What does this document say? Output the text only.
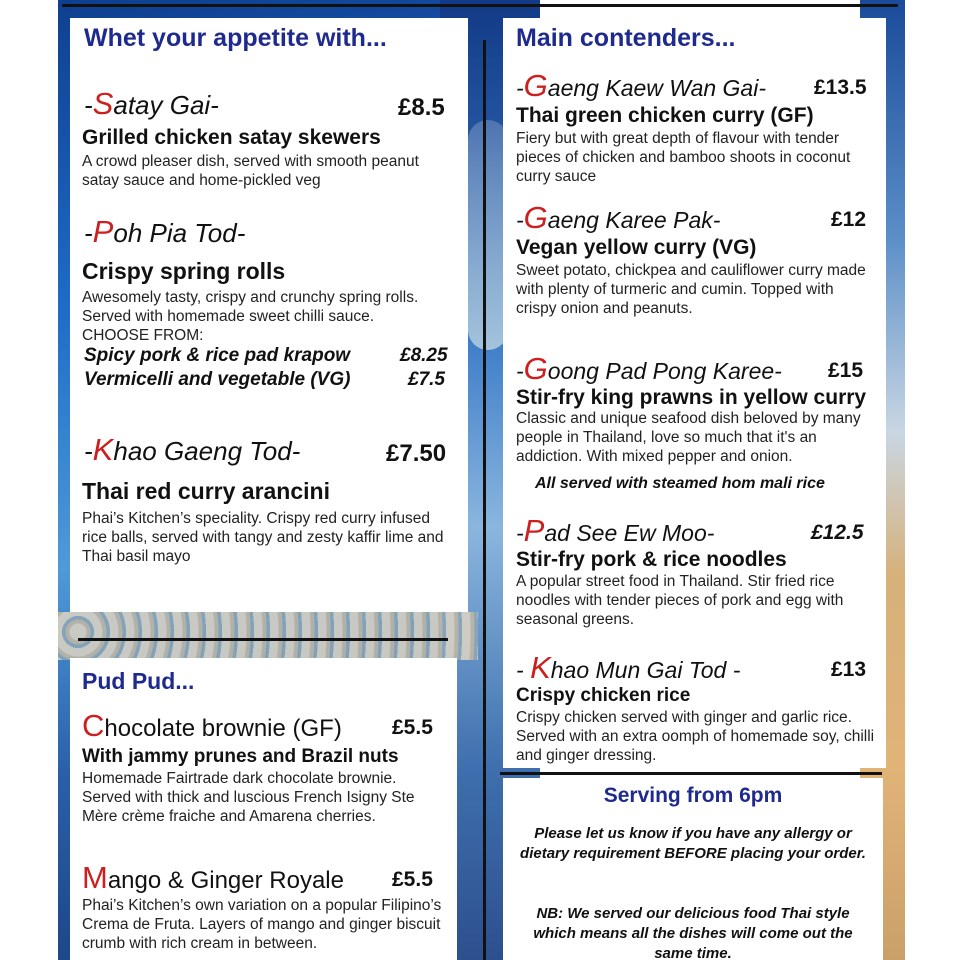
Whet your appetite with...
-Satay Gai-	£8.5
Grilled chicken satay skewers
A crowd pleaser dish, served with smooth peanut satay sauce and home-pickled veg
-Poh Pia Tod-
Crispy spring rolls
Awesomely tasty, crispy and crunchy spring rolls. Served with homemade sweet chilli sauce.
CHOOSE FROM:
Spicy pork & rice pad krapow	£8.25
Vermicelli and vegetable (VG)	£7.5
-Khao Gaeng Tod-	£7.50
Thai red curry arancini
Phai’s Kitchen’s speciality. Crispy red curry infused rice balls, served with tangy and zesty kaffir lime and Thai basil mayo
Pud Pud...
Chocolate brownie (GF) £5.5
With jammy prunes and Brazil nuts
Homemade Fairtrade dark chocolate brownie. Served with thick and luscious French Isigny Ste Mère crème fraiche and Amarena cherries.
Mango & Ginger Royale £5.5
Phai’s Kitchen’s own variation on a popular Filipino’s Crema de Fruta. Layers of mango and ginger biscuit crumb with rich cream in between.
Main contenders...
-Gaeng Kaew Wan Gai- £13.5
Thai green chicken curry (GF)
Fiery but with great depth of flavour with tender pieces of chicken and bamboo shoots in coconut curry sauce
-Gaeng Karee Pak-	£12
Vegan yellow curry (VG)
Sweet potato, chickpea and cauliflower curry made with plenty of turmeric and cumin. Topped with crispy onion and peanuts.
-Goong Pad Pong Karee- £15
Stir-fry king prawns in yellow curry
Classic and unique seafood dish beloved by many people in Thailand, love so much that it's an addiction. With mixed pepper and onion.
All served with steamed hom mali rice
-Pad See Ew Moo-	£12.5
Stir-fry pork & rice noodles
A popular street food in Thailand. Stir fried rice noodles with tender pieces of pork and egg with seasonal greens.
- Khao Mun Gai Tod -	£13
Crispy chicken rice
Crispy chicken served with ginger and garlic rice. Served with an extra oomph of homemade soy, chilli and ginger dressing.
Serving from 6pm
Please let us know if you have any allergy or dietary requirement BEFORE placing your order.
NB: We served our delicious food Thai style which means all the dishes will come out the same time.
